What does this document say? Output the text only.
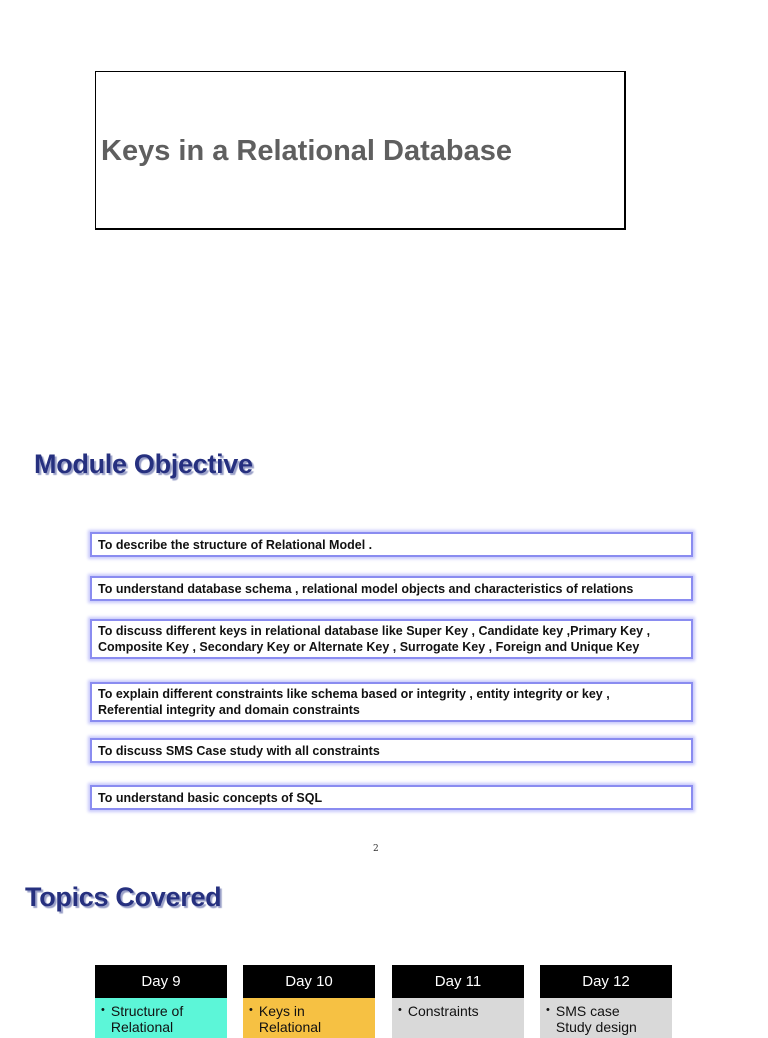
Keys in a Relational Database
Module Objective
To describe the structure of Relational Model .
To understand database schema , relational model objects and characteristics of relations
To discuss different keys in relational database like Super Key , Candidate key ,Primary Key ,
Composite Key , Secondary Key or Alternate Key , Surrogate Key , Foreign and Unique Key
To explain different constraints like schema based or integrity , entity integrity or key ,
Referential integrity and domain constraints
To discuss SMS Case study with all constraints
To understand basic concepts of SQL
2
Topics Covered
Day 9
• Structure of
Relational
Day 10
• Keys in
Relational
Day 11
• Constraints
Day 12
• SMS case
Study design
